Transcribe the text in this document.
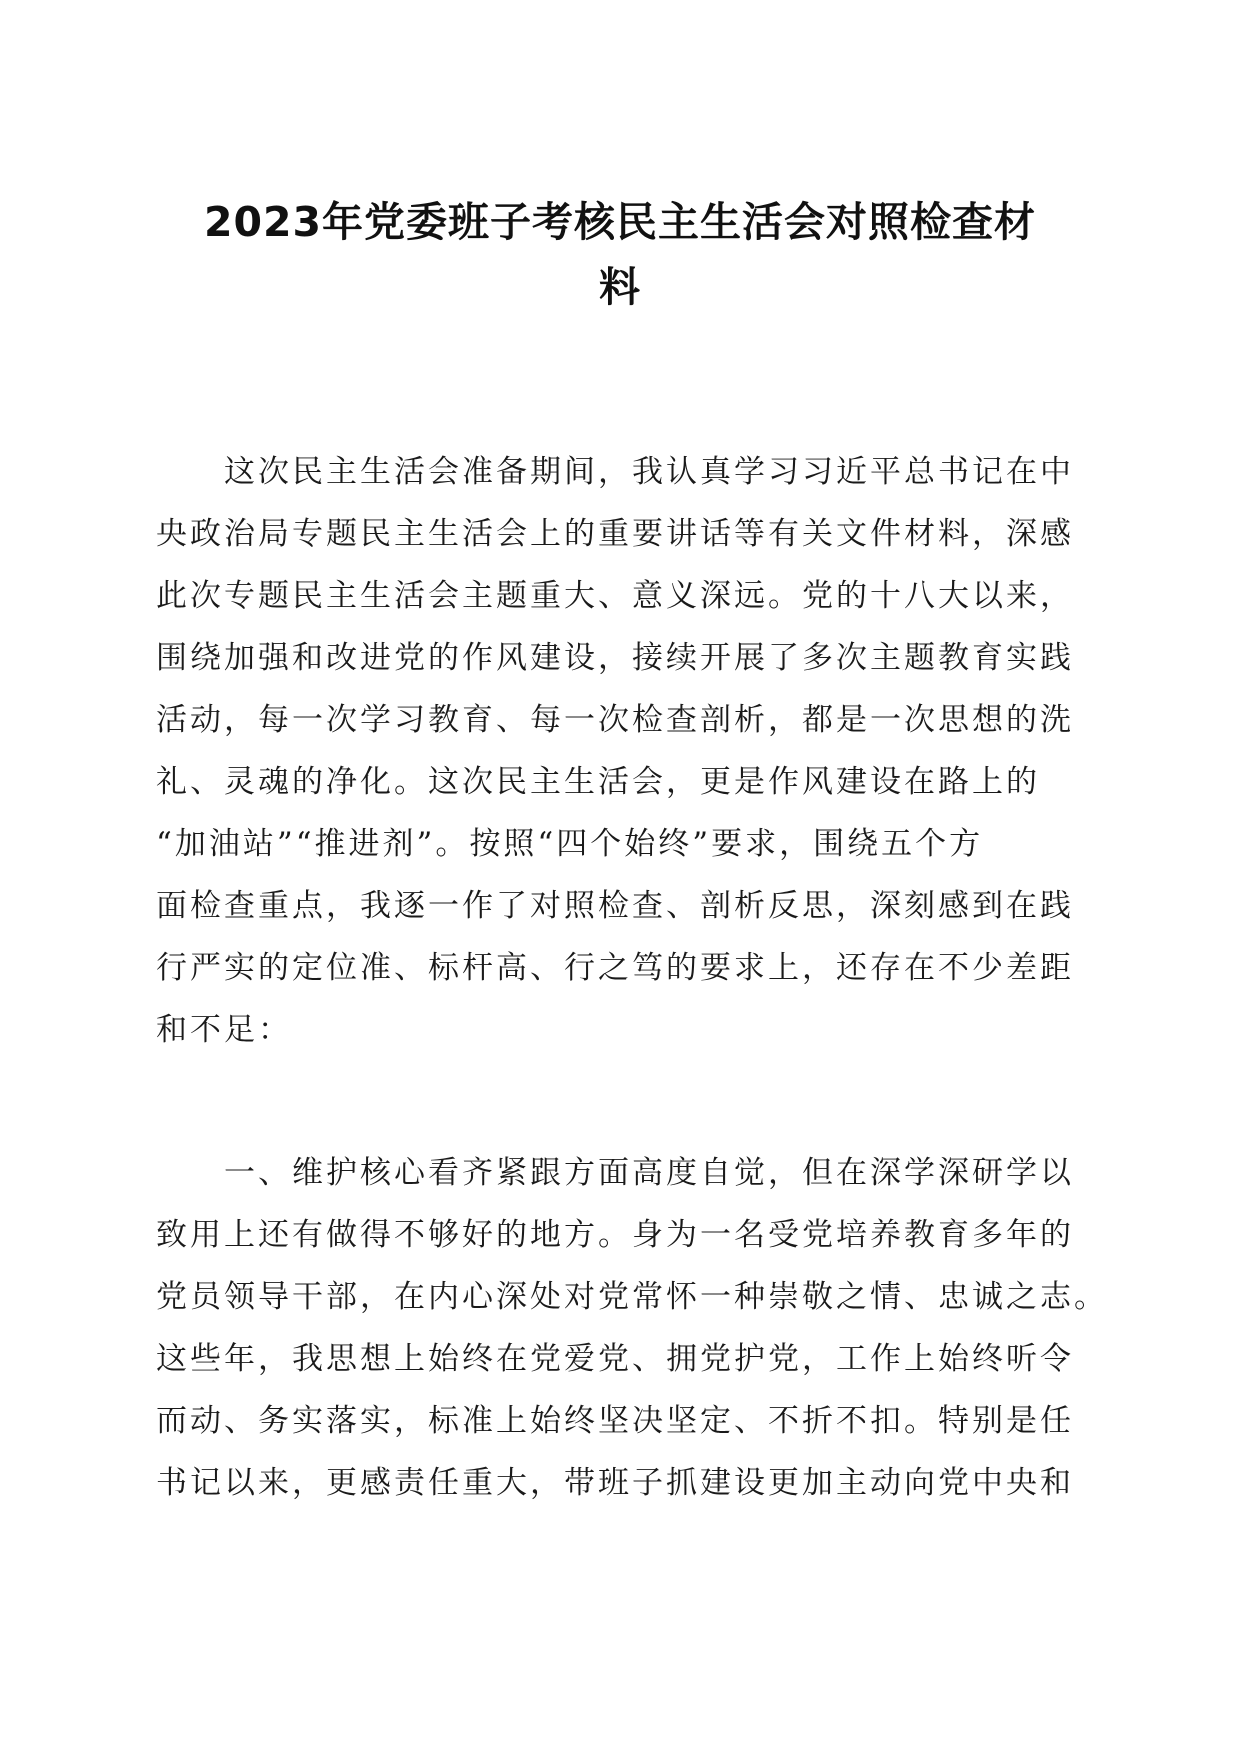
2023年党委班子考核民主生活会对照检查材
料
这次民主生活会准备期间，我认真学习习近平总书记在中
央政治局专题民主生活会上的重要讲话等有关文件材料，深感
此次专题民主生活会主题重大、意义深远。党的十八大以来，
围绕加强和改进党的作风建设，接续开展了多次主题教育实践
活动，每一次学习教育、每一次检查剖析，都是一次思想的洗
礼、灵魂的净化。这次民主生活会，更是作风建设在路上的
“加油站”“推进剂”。按照“四个始终”要求，围绕五个方
面检查重点，我逐一作了对照检查、剖析反思，深刻感到在践
行严实的定位准、标杆高、行之笃的要求上，还存在不少差距
和不足：
一、维护核心看齐紧跟方面高度自觉，但在深学深研学以
致用上还有做得不够好的地方。身为一名受党培养教育多年的
党员领导干部，在内心深处对党常怀一种崇敬之情、忠诚之志。
这些年，我思想上始终在党爱党、拥党护党，工作上始终听令
而动、务实落实，标准上始终坚决坚定、不折不扣。特别是任
书记以来，更感责任重大，带班子抓建设更加主动向党中央和
